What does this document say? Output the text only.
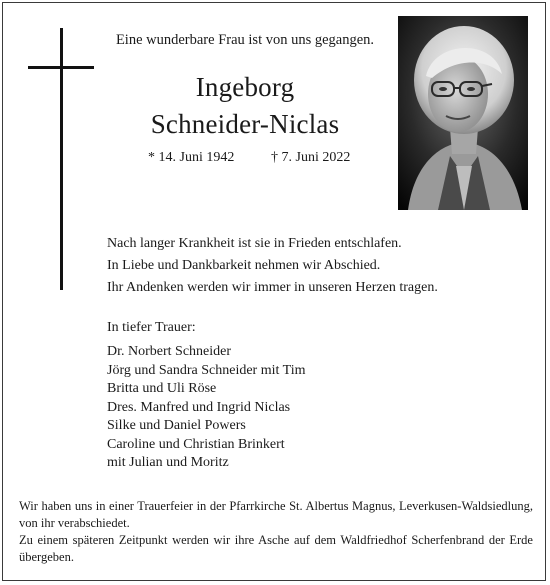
Eine wunderbare Frau ist von uns gegangen.
Ingeborg
Schneider-Niclas
* 14. Juni 1942	† 7. Juni 2022
Nach langer Krankheit ist sie in Frieden entschlafen.
In Liebe und Dankbarkeit nehmen wir Abschied.
Ihr Andenken werden wir immer in unseren Herzen tragen.
In tiefer Trauer:
Dr. Norbert Schneider
Jörg und Sandra Schneider mit Tim
Britta und Uli Röse
Dres. Manfred und Ingrid Niclas
Silke und Daniel Powers
Caroline und Christian Brinkert
mit Julian und Moritz

Wir haben uns in einer Trauerfeier in der Pfarrkirche St. Albertus Magnus, Leverkusen-Waldsiedlung, von ihr verabschiedet.

Zu einem späteren Zeitpunkt werden wir ihre Asche auf dem Waldfriedhof Scherfenbrand der Erde übergeben.
